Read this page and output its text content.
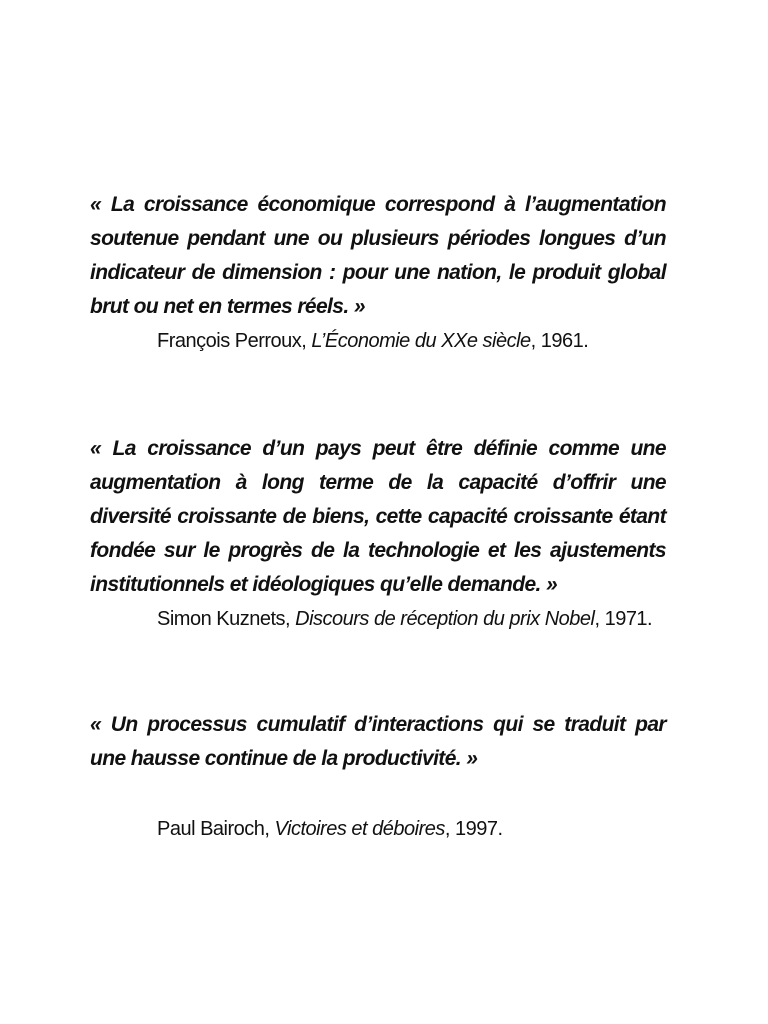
« La croissance économique correspond à l’augmentation soutenue pendant une ou plusieurs périodes longues d’un indicateur de dimension : pour une nation, le produit global brut ou net en termes réels. »

François Perroux, L’Économie du XXe siècle, 1961.

« La croissance d’un pays peut être définie comme une augmentation à long terme de la capacité d’offrir une diversité croissante de biens, cette capacité croissante étant fondée sur le progrès de la technologie et les ajustements institutionnels et idéologiques qu’elle demande. »

Simon Kuznets, Discours de réception du prix Nobel, 1971.

« Un processus cumulatif d’interactions qui se traduit par une hausse continue de la productivité. »

Paul Bairoch, Victoires et déboires, 1997.
